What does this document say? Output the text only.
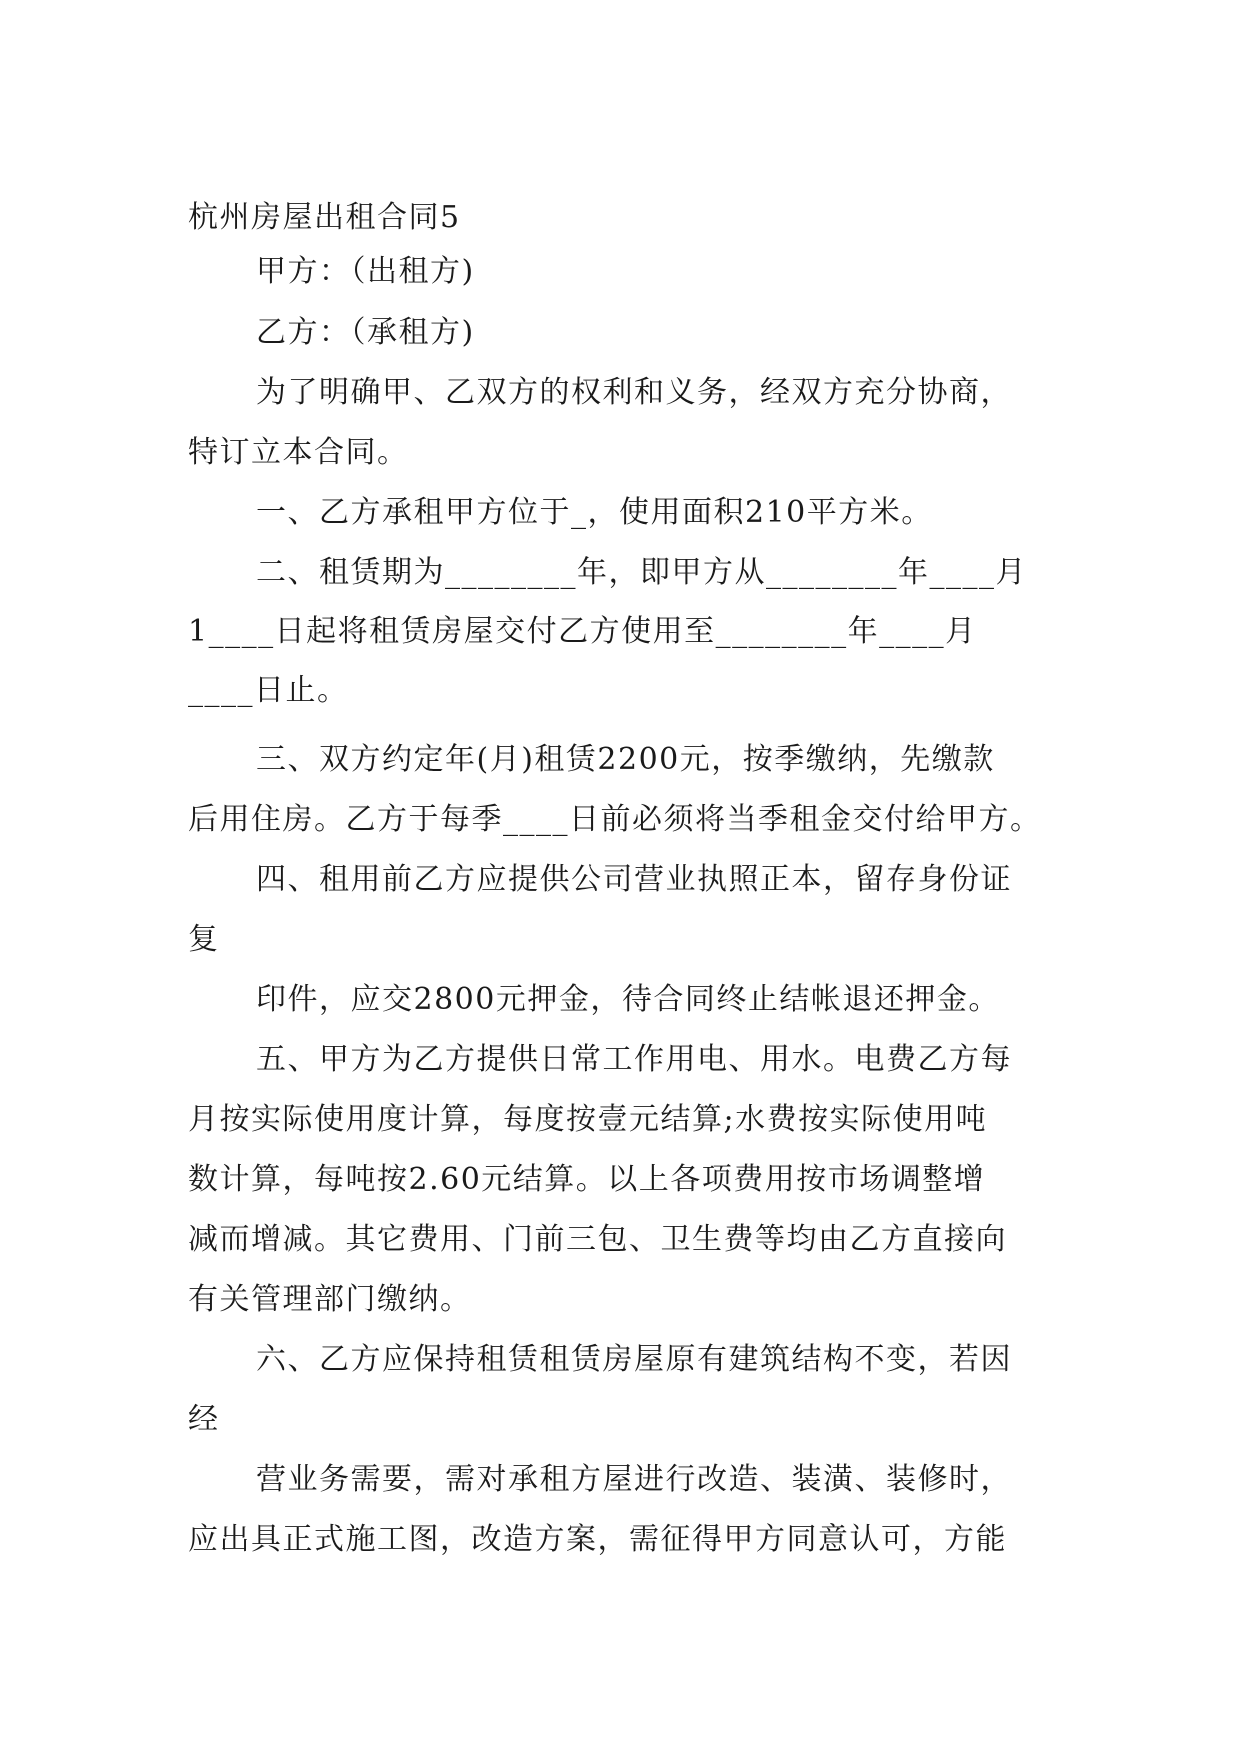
杭州房屋出租合同5
甲方：（出租方)
乙方：（承租方)
为了明确甲、乙双方的权利和义务，经双方充分协商，
特订立本合同。
一、乙方承租甲方位于_，使用面积210平方米。
二、租赁期为________年，即甲方从________年____月
1____日起将租赁房屋交付乙方使用至________年____月
____日止。
三、双方约定年(月)租赁2200元，按季缴纳，先缴款
后用住房。乙方于每季____日前必须将当季租金交付给甲方。
四、租用前乙方应提供公司营业执照正本，留存身份证
复
印件，应交2800元押金，待合同终止结帐退还押金。
五、甲方为乙方提供日常工作用电、用水。电费乙方每
月按实际使用度计算，每度按壹元结算;水费按实际使用吨
数计算，每吨按2.60元结算。以上各项费用按市场调整增
减而增减。其它费用、门前三包、卫生费等均由乙方直接向
有关管理部门缴纳。
六、乙方应保持租赁租赁房屋原有建筑结构不变，若因
经
营业务需要，需对承租方屋进行改造、装潢、装修时，
应出具正式施工图，改造方案，需征得甲方同意认可，方能
